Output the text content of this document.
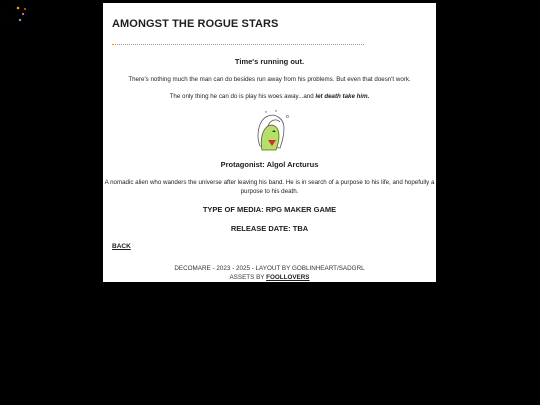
AMONGST THE ROGUE STARS
Time's running out.
There's nothing much the man can do besides run away from his problems. But even that doesn't work.
The only thing he can do is play his woes away...and let death take him.
o
Protagonist: Algol Arcturus
A nomadic alien who wanders the universe after leaving his band. He is in search of a purpose to his life, and hopefully a purpose to his death.
TYPE OF MEDIA: RPG MAKER GAME
RELEASE DATE: TBA
BACK
DECOMARE - 2023 - 2025 - LAYOUT BY GOBLINHEART/SADGRL
ASSETS BY FOOLLOVERS
